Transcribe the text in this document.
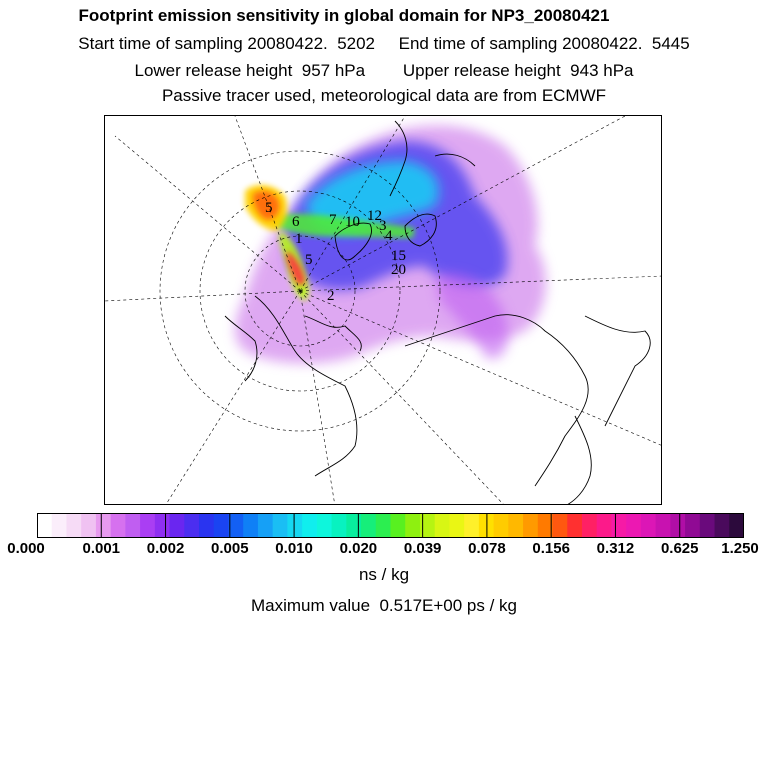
Footprint emission sensitivity in global domain for NP3_20080421
Start time of sampling 20080422.  5202     End time of sampling 20080422.  5445
Lower release height  957 hPa        Upper release height  943 hPa
Passive tracer used, meteorological data are from ECMWF
5
6 7 10 12
3
4
1
15
20
5
2
0.000	0.001 0.002 0.005 0.010 0.020 0.039 0.078 0.156 0.312 0.625 1.250
ns / kg
Maximum value  0.517E+00 ps / kg
